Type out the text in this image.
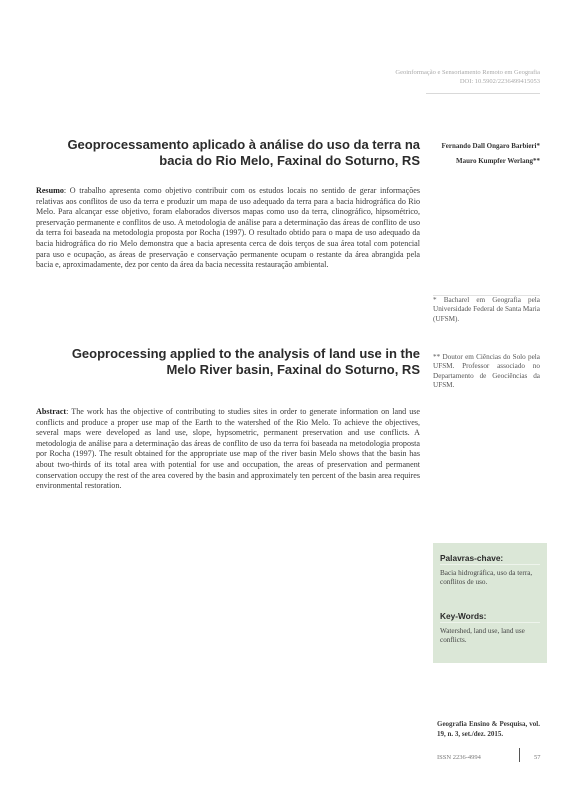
Geoinformação e Sensoriamento Remoto em Geografia
DOI: 10.5902/2236499415053
Geoprocessamento aplicado à análise do uso da terra na bacia do Rio Melo, Faxinal do Soturno, RS
Fernando Dall Ongaro Barbieri*
Mauro Kumpfer Werlang**
Resumo: O trabalho apresenta como objetivo contribuir com os estudos locais no sentido de gerar informações relativas aos conflitos de uso da terra e produzir um mapa de uso adequado da terra para a bacia hidrográfica do Rio Melo. Para alcançar esse objetivo, foram elaborados diversos mapas como uso da terra, clinográfico, hipsométrico, preservação permanente e conflitos de uso. A metodologia de análise para a determinação das áreas de conflito de uso da terra foi baseada na metodologia proposta por Rocha (1997). O resultado obtido para o mapa de uso adequado da bacia hidrográfica do rio Melo demonstra que a bacia apresenta cerca de dois terços de sua área total com potencial para uso e ocupação, as áreas de preservação e conservação permanente ocupam o restante da área abrangida pela bacia e, aproximadamente, dez por cento da área da bacia necessita restauração ambiental.
* Bacharel em Geografia pela Universidade Federal de Santa Maria (UFSM).
** Doutor em Ciências do Solo pela UFSM. Professor associado no Departamento de Geociências da UFSM.
Geoprocessing applied to the analysis of land use in the Melo River basin, Faxinal do Soturno, RS
Abstract: The work has the objective of contributing to studies sites in order to generate information on land use conflicts and produce a proper use map of the Earth to the watershed of the Rio Melo. To achieve the objectives, several maps were developed as land use, slope, hypsometric, permanent preservation and use conflicts. A metodologia de análise para a determinação das áreas de conflito de uso da terra foi baseada na metodologia proposta por Rocha (1997). The result obtained for the appropriate use map of the river basin Melo shows that the basin has about two-thirds of its total area with potential for use and occupation, the areas of preservation and permanent conservation occupy the rest of the area covered by the basin and approximately ten percent of the basin area requires environmental restoration.
Palavras-chave:
Bacia hidrográfica, uso da terra, conflitos de uso.
Key-Words:
Watershed, land use, land use conflicts.
Geografia Ensino & Pesquisa, vol. 19, n. 3, set./dez. 2015.
ISSN 2236-4994	57
